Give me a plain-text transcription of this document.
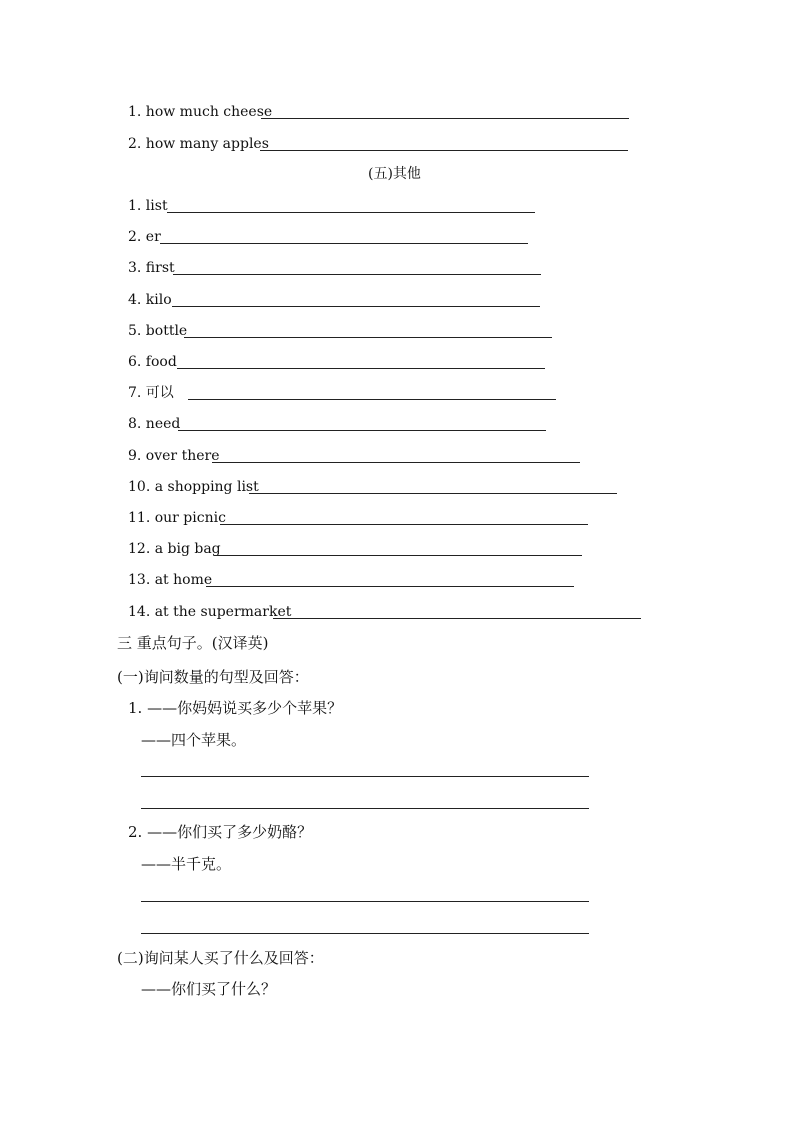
1. how much cheese
2. how many apples
(五)其他
1. list
2. er
3. first
4. kilo
5. bottle
6. food
7. 可以
8. need
9. over there
10. a shopping list
11. our picnic
12. a big bag
13. at home
14. at the supermarket
三 重点句子。(汉译英)
(一)询问数量的句型及回答：
1. ——你妈妈说买多少个苹果？
——四个苹果。
2. ——你们买了多少奶酪？
——半千克。
(二)询问某人买了什么及回答：
——你们买了什么？
